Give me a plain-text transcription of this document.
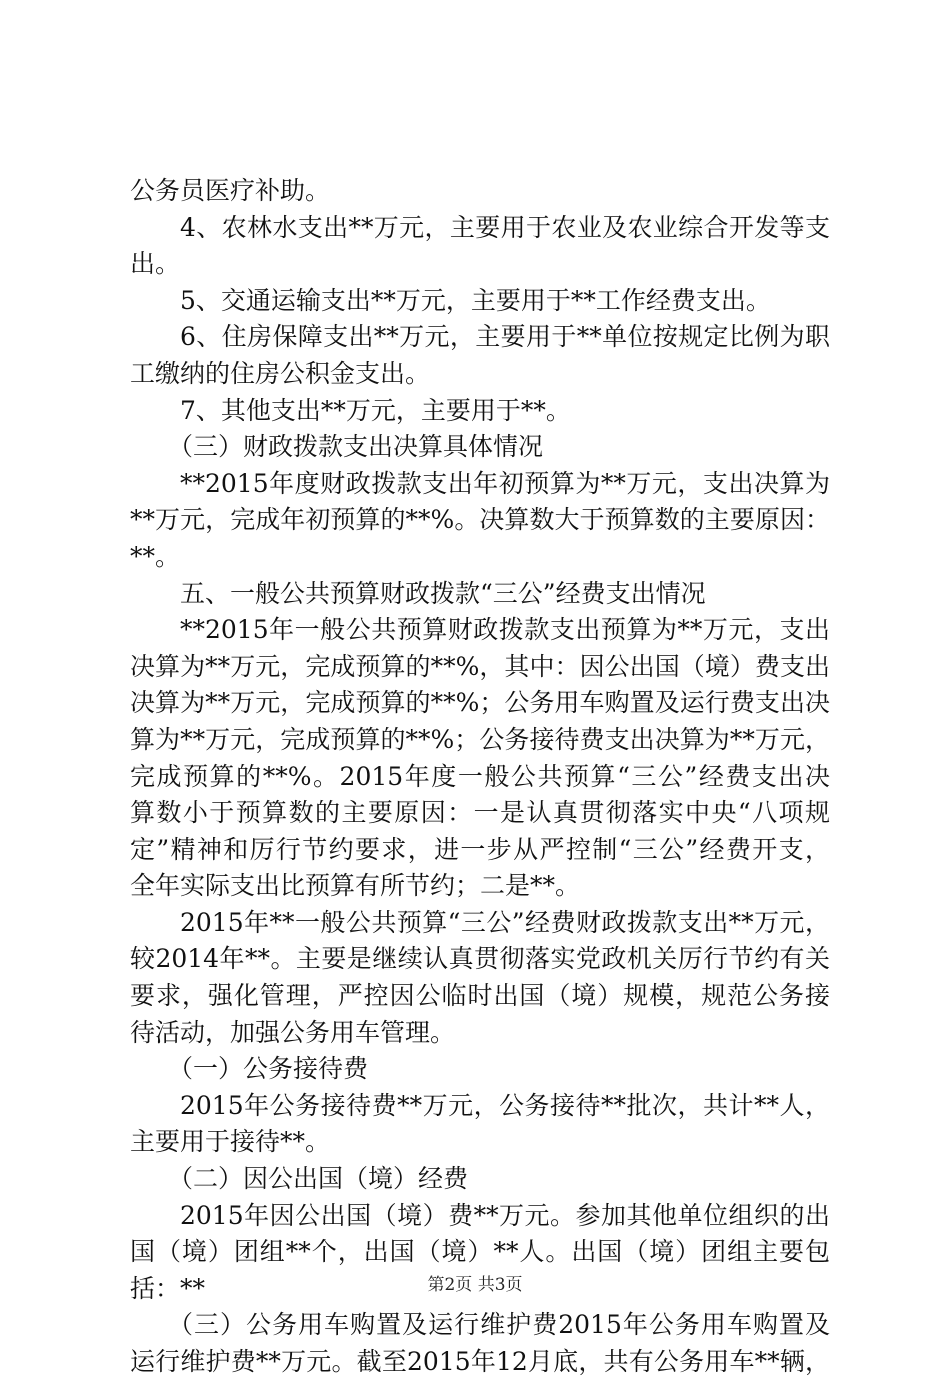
公务员医疗补助。
4、农林水支出**万元，主要用于农业及农业综合开发等支
出。
5、交通运输支出**万元，主要用于**工作经费支出。
6、住房保障支出**万元，主要用于**单位按规定比例为职
工缴纳的住房公积金支出。
7、其他支出**万元，主要用于**。
（三）财政拨款支出决算具体情况
**2015年度财政拨款支出年初预算为**万元，支出决算为
**万元，完成年初预算的**%。决算数大于预算数的主要原因：
**。
五、一般公共预算财政拨款“三公”经费支出情况
**2015年一般公共预算财政拨款支出预算为**万元，支出
决算为**万元，完成预算的**%，其中：因公出国（境）费支出
决算为**万元，完成预算的**%；公务用车购置及运行费支出决
算为**万元，完成预算的**%；公务接待费支出决算为**万元，
完成预算的**%。2015年度一般公共预算“三公”经费支出决
算数小于预算数的主要原因：一是认真贯彻落实中央“八项规
定”精神和厉行节约要求，进一步从严控制“三公”经费开支，
全年实际支出比预算有所节约；二是**。
2015年**一般公共预算“三公”经费财政拨款支出**万元，
较2014年**。主要是继续认真贯彻落实党政机关厉行节约有关
要求，强化管理，严控因公临时出国（境）规模，规范公务接
待活动，加强公务用车管理。
（一）公务接待费
2015年公务接待费**万元，公务接待**批次，共计**人，
主要用于接待**。
（二）因公出国（境）经费
2015年因公出国（境）费**万元。参加其他单位组织的出
国（境）团组**个，出国（境）**人。出国（境）团组主要包
括：**
（三）公务用车购置及运行维护费2015年公务用车购置及
运行维护费**万元。截至2015年12月底，共有公务用车**辆，
第2页 共3页
